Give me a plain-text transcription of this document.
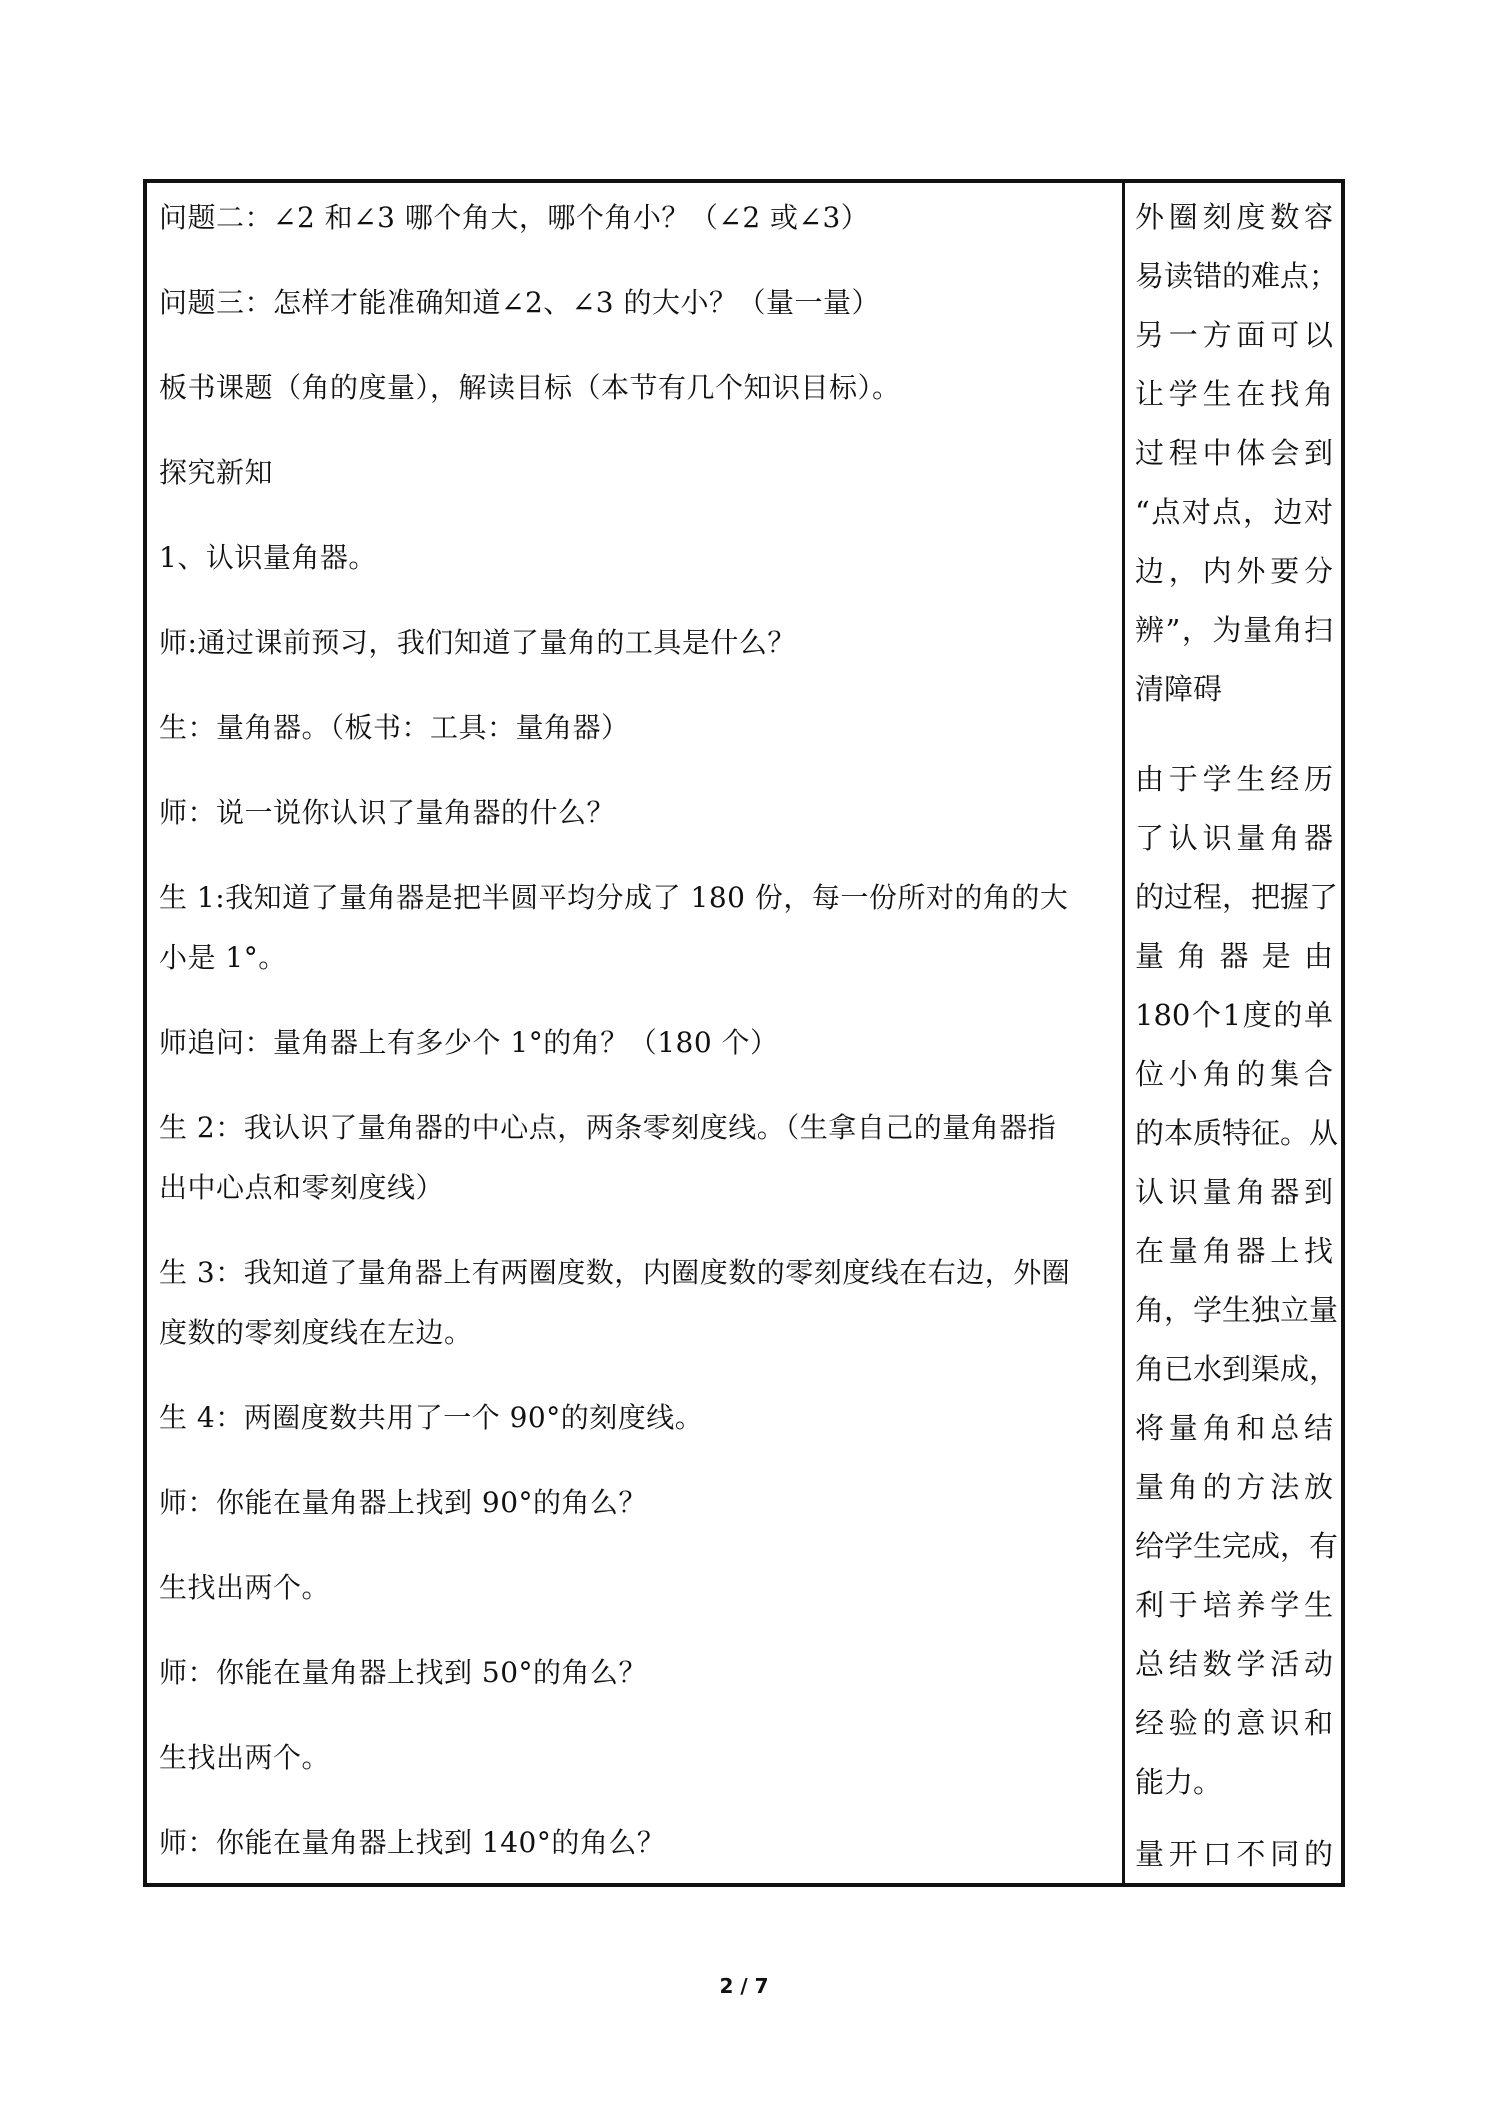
问题二：∠2 和∠3 哪个角大，哪个角小？（∠2 或∠3）
问题三：怎样才能准确知道∠2、∠3 的大小？（量一量）
板书课题（角的度量），解读目标（本节有几个知识目标）。
探究新知
1、认识量角器。
师:通过课前预习，我们知道了量角的工具是什么？
生：量角器。（板书：工具：量角器）
师：说一说你认识了量角器的什么？
生 1:我知道了量角器是把半圆平均分成了 180 份，每一份所对的角的大
小是 1°。
师追问：量角器上有多少个 1°的角？（180 个）
生 2：我认识了量角器的中心点，两条零刻度线。（生拿自己的量角器指
出中心点和零刻度线）
生 3：我知道了量角器上有两圈度数，内圈度数的零刻度线在右边，外圈
度数的零刻度线在左边。
生 4：两圈度数共用了一个 90°的刻度线。
师：你能在量角器上找到 90°的角么？
生找出两个。
师：你能在量角器上找到 50°的角么？
生找出两个。
师：你能在量角器上找到 140°的角么？
外圈刻度数容
易读错的难点；
另一方面可以
让学生在找角
过程中体会到
“点对点，边对
边，内外要分
辨”，为量角扫
清障碍
由于学生经历
了认识量角器
的过程，把握了
量角器是由
180个1度的单
位小角的集合
的本质特征。从
认识量角器到
在量角器上找
角，学生独立量
角已水到渠成，
将量角和总结
量角的方法放
给学生完成，有
利于培养学生
总结数学活动
经验的意识和
能力。
量开口不同的
2 / 7
